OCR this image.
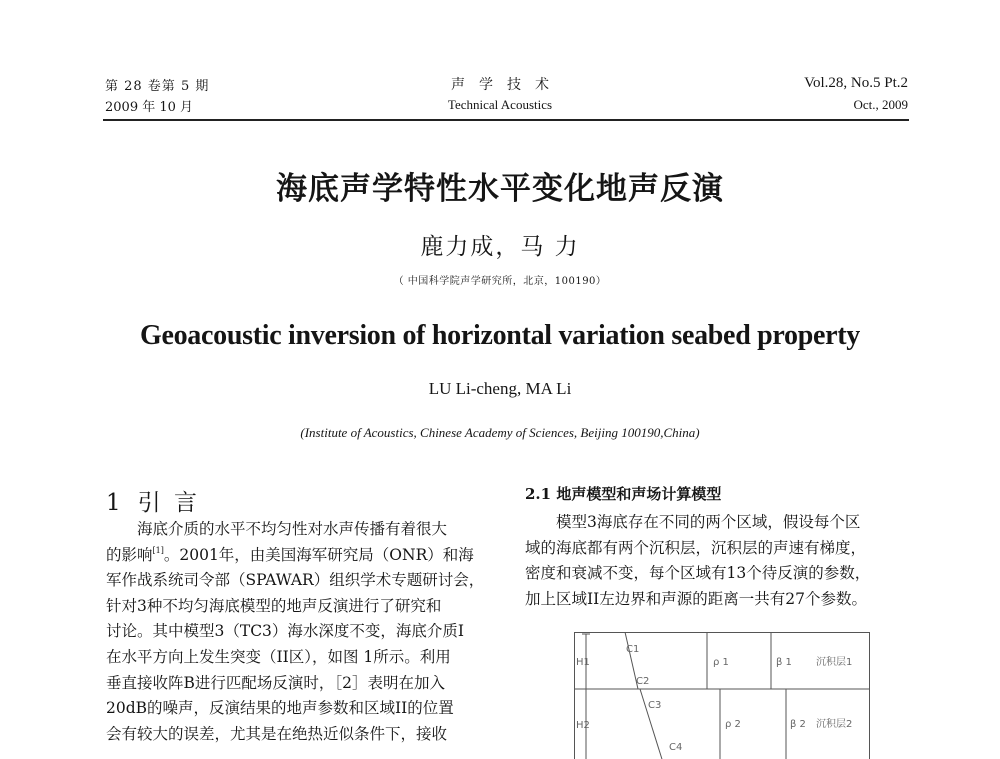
第 28 卷第 5 期
2009 年 10 月
声学技术
Technical Acoustics
Vol.28, No.5 Pt.2
Oct., 2009
海底声学特性水平变化地声反演
鹿力成，马 力
（ 中国科学院声学研究所，北京，100190）
Geoacoustic inversion of horizontal variation seabed property
LU Li-cheng, MA Li
(Institute of Acoustics, Chinese Academy of Sciences, Beijing 100190,China)
1 引 言

海底介质的水平不均匀性对水声传播有着很大

的影响[1]。2001年，由美国海军研究局（ONR）和海

军作战系统司令部（SPAWAR）组织学术专题研讨会，

针对3种不均匀海底模型的地声反演进行了研究和

讨论。其中模型3（TC3）海水深度不变，海底介质I

在水平方向上发生突变（II区），如图 1所示。利用

垂直接收阵B进行匹配场反演时，［2］表明在加入

20dB的噪声，反演结果的地声参数和区域II的位置

会有较大的误差，尤其是在绝热近似条件下，接收

2.1 地声模型和声场计算模型

模型3海底存在不同的两个区域，假设每个区

域的海底都有两个沉积层，沉积层的声速有梯度，

密度和衰减不变，每个区域有13个待反演的参数，

加上区域II左边界和声源的距离一共有27个参数。

H1
H2
C1
C2
C3
C4
ρ 1
ρ 2
β 1
β 2
沉积层1
沉积层2
